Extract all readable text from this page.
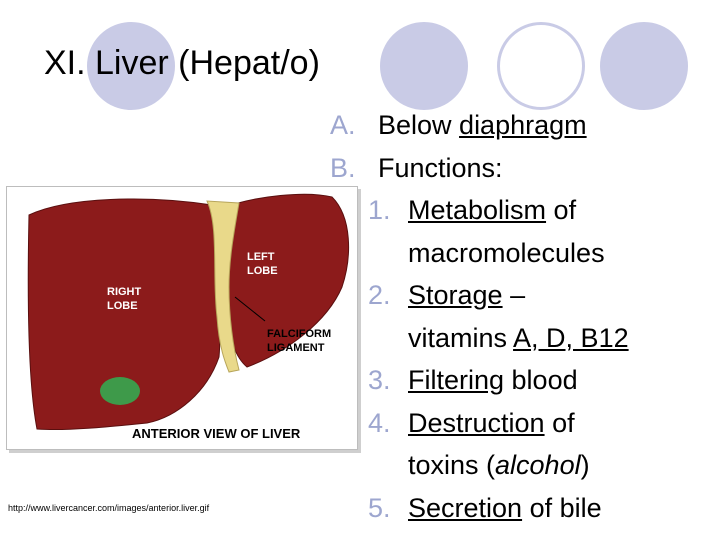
XI. Liver (Hepat/o)
LEFT
LOBE
RIGHT
LOBE
FALCIFORM
LIGAMENT
ANTERIOR VIEW OF LIVER
http://www.livercancer.com/images/anterior.liver.gif
A. Below diaphragm
B. Functions:
1. Metabolism of
macromolecules
2. Storage –
vitamins A, D, B12
3. Filtering blood
4. Destruction of
toxins (alcohol)
5. Secretion of bile
